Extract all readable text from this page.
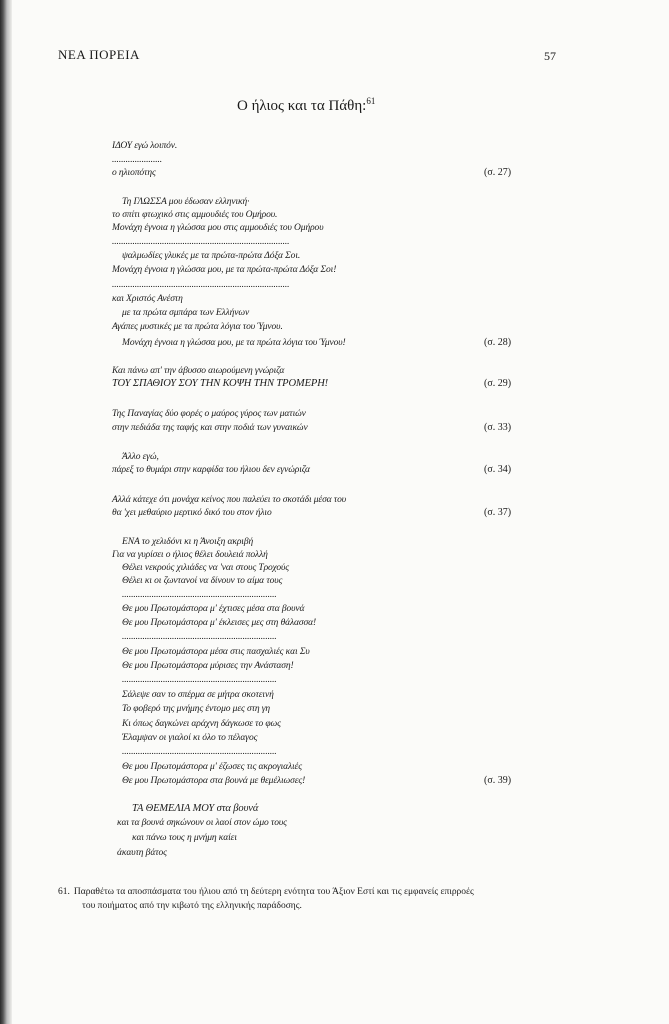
ΝΕΑ ΠΟΡΕΙΑ	57
Ο ήλιος και τα Πάθη:$^{61}$
ΙΔΟΥ εγώ λοιπόν.
......................
ο ηλιοπότης
Τη ΓΛΩΣΣΑ μου έδωσαν ελληνική·
το σπίτι φτωχικό στις αμμουδιές του Ομήρου.
Μονάχη έγνοια η γλώσσα μου στις αμμουδιές του Ομήρου
..............................................................................
ψαλμωδίες γλυκές με τα πρώτα-πρώτα Δόξα Σοι.
Μονάχη έγνοια η γλώσσα μου, με τα πρώτα-πρώτα Δόξα Σοι!
..............................................................................
και Χριστός Ανέστη
με τα πρώτα σμπάρα των Ελλήνων
Αγάπες μυστικές με τα πρώτα λόγια του Ύμνου.
Μονάχη έγνοια η γλώσσα μου, με τα πρώτα λόγια του Ύμνου!
Και πάνω απ' την άβυσσο αιωρούμενη γνώριζα
ΤΟΥ ΣΠΑΘΙΟΥ ΣΟΥ ΤΗΝ ΚΟΨΗ ΤΗΝ ΤΡΟΜΕΡΗ!
Της Παναγίας δύο φορές ο μαύρος γύρος των ματιών
στην πεδιάδα της ταφής και στην ποδιά των γυναικών
Άλλο εγώ,
πάρεξ το θυμάρι στην καρφίδα του ήλιου δεν εγνώριζα
Αλλά κάτεχε ότι μονάχα κείνος που παλεύει το σκοτάδι μέσα του
θα 'χει μεθαύριο μερτικό δικό του στον ήλιο
ΕΝΑ το χελιδόνι κι η Άνοιξη ακριβή
Για να γυρίσει ο ήλιος θέλει δουλειά πολλή
Θέλει νεκρούς χιλιάδες να 'ναι στους Τροχούς
Θέλει κι οι ζωντανοί να δίνουν το αίμα τους
....................................................................
Θε μου Πρωτομάστορα μ' έχτισες μέσα στα βουνά
Θε μου Πρωτομάστορα μ' έκλεισες μες στη θάλασσα!
....................................................................
Θε μου Πρωτομάστορα μέσα στις πασχαλιές και Συ
Θε μου Πρωτομάστορα μύρισες την Ανάσταση!
....................................................................
Σάλεψε σαν το σπέρμα σε μήτρα σκοτεινή
Το φοβερό της μνήμης έντομο μες στη γη
Κι όπως δαγκώνει αράχνη δάγκωσε το φως
Έλαμψαν οι γιαλοί κι όλο το πέλαγος
....................................................................
Θε μου Πρωτομάστορα μ' έζωσες τις ακρογιαλιές
Θε μου Πρωτομάστορα στα βουνά με θεμέλιωσες!
ΤΑ ΘΕΜΕΛΙΑ ΜΟΥ στα βουνά
και τα βουνά σηκώνουν οι λαοί στον ώμο τους
και πάνω τους η μνήμη καίει
άκαυτη βάτος
(σ. 27)
(σ. 28)
(σ. 29)
(σ. 33)
(σ. 34)
(σ. 37)
(σ. 39)
61. Παραθέτω τα αποσπάσματα του ήλιου από τη δεύτερη ενότητα του Άξιον Εστί και τις εμφανείς επιρροές
του ποιήματος από την κιβωτό της ελληνικής παράδοσης.
